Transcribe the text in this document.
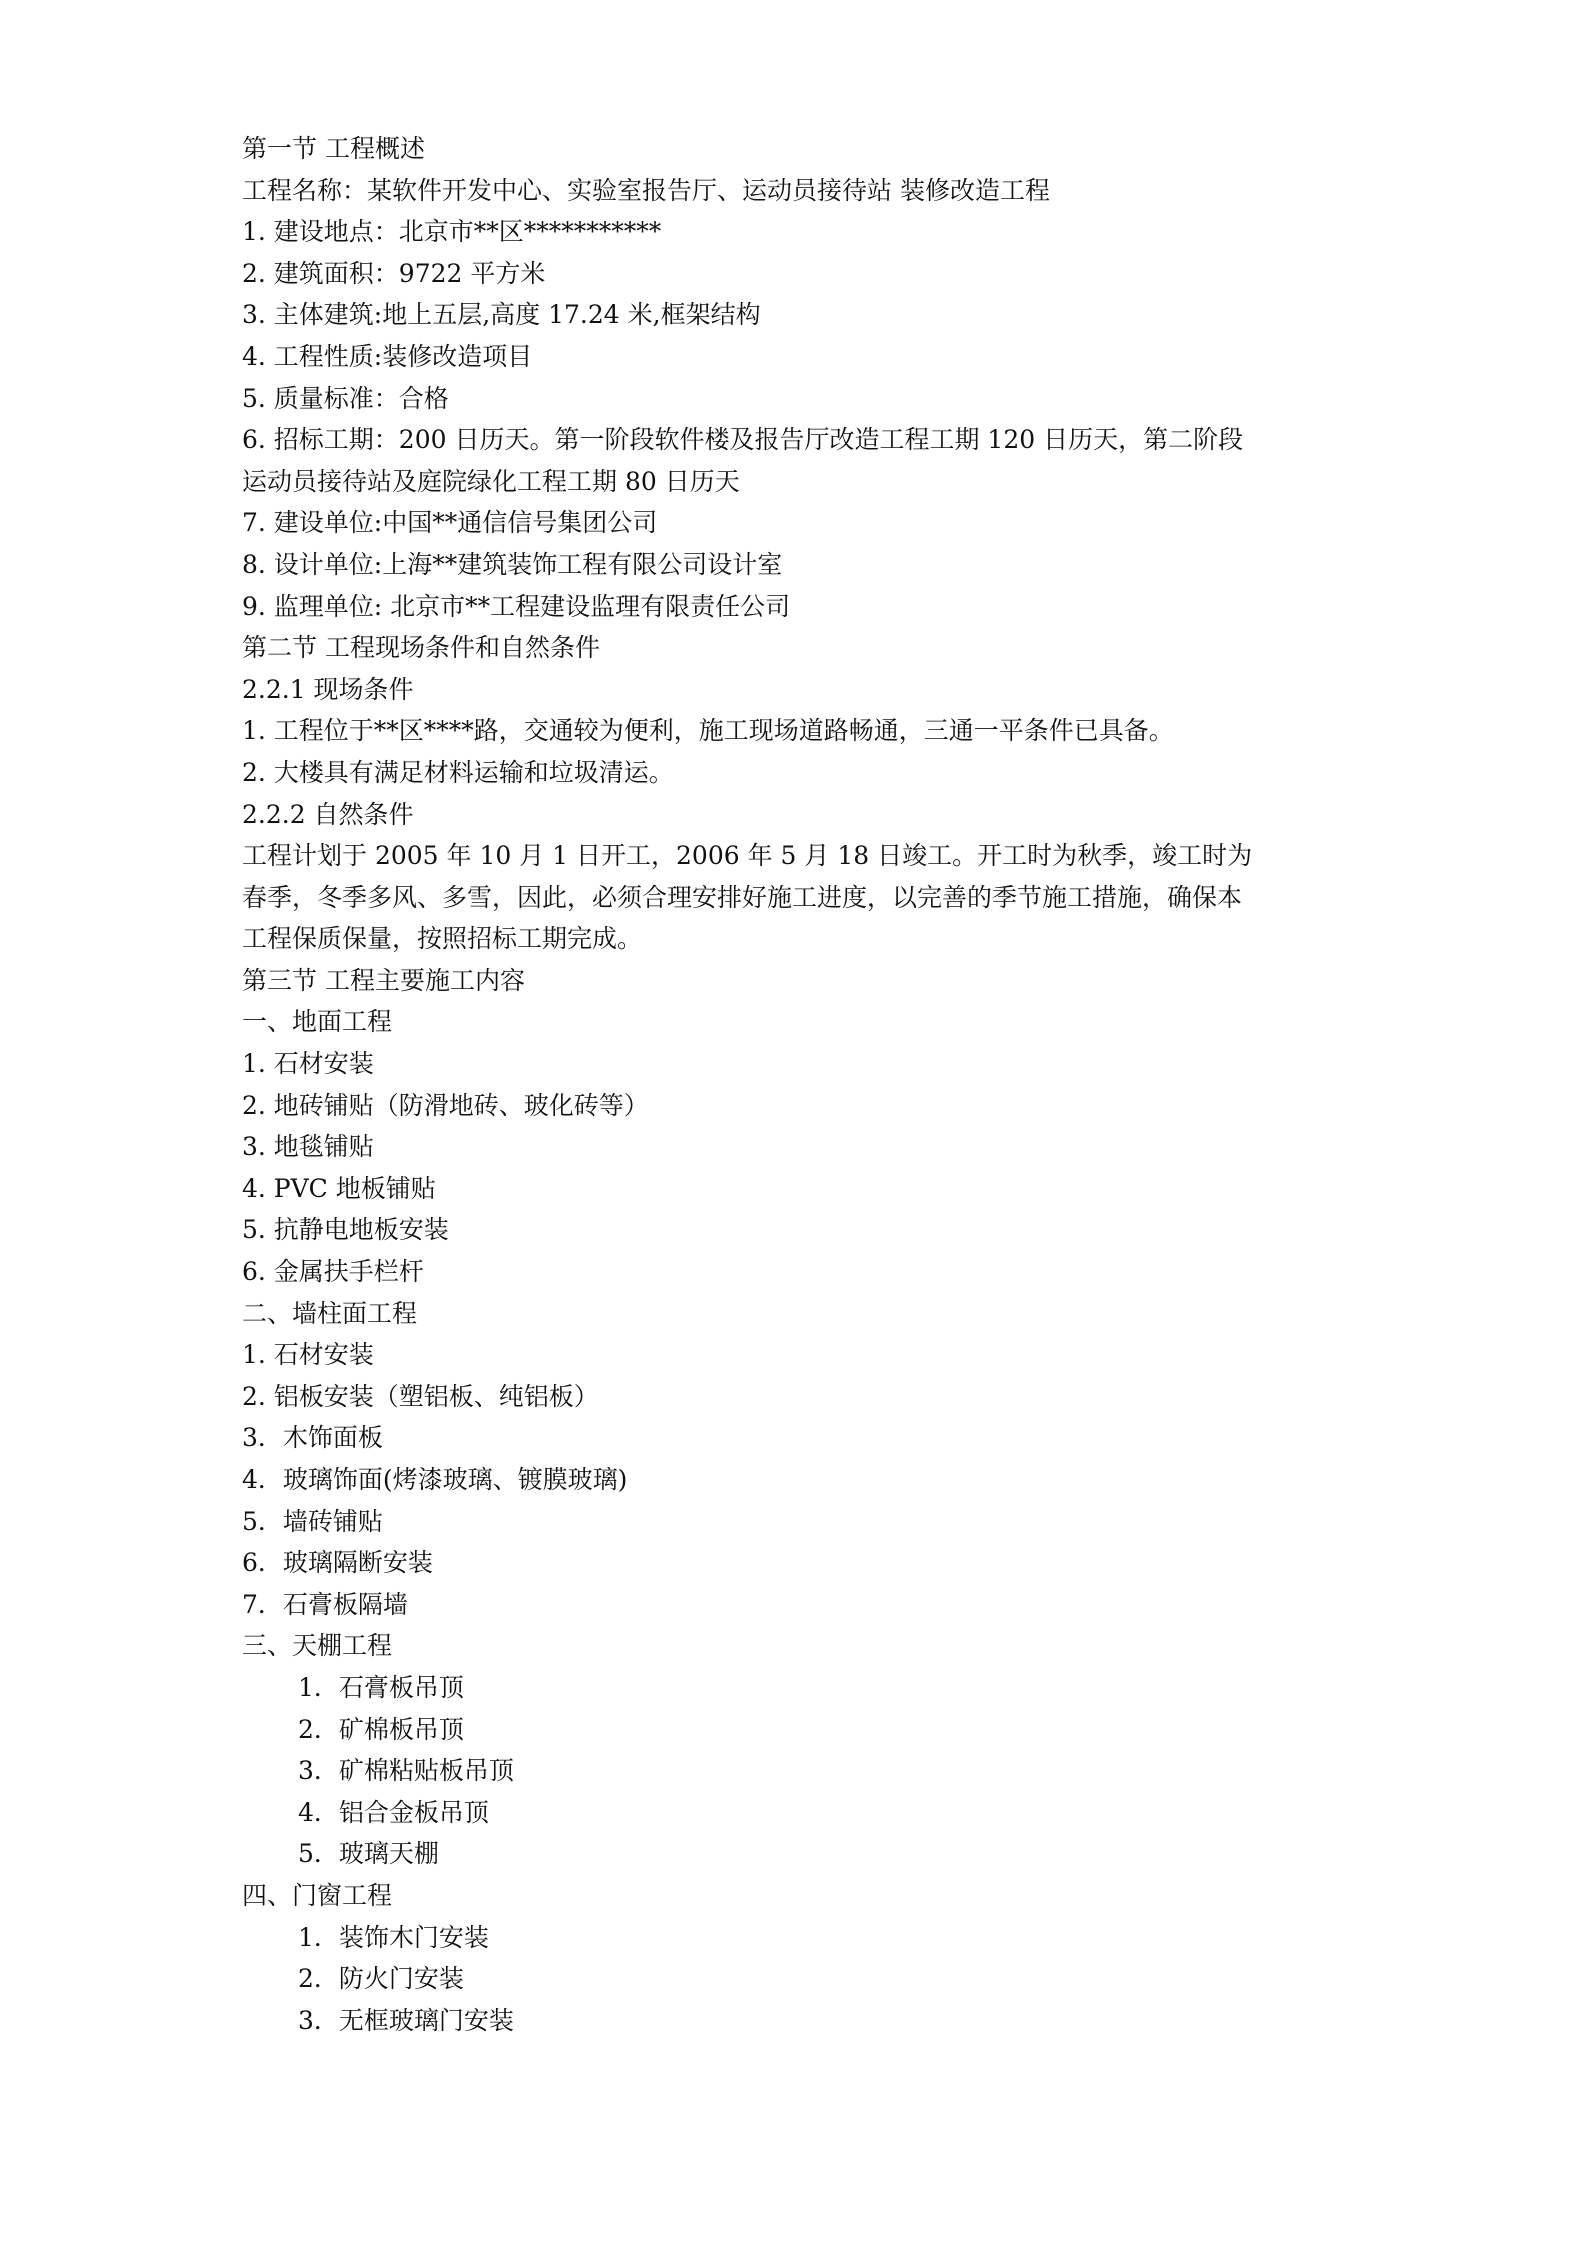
第一节 工程概述
工程名称：某软件开发中心、实验室报告厅、运动员接待站 装修改造工程
1. 建设地点：北京市**区***********
2. 建筑面积：9722 平方米
3. 主体建筑:地上五层,高度 17.24 米,框架结构
4. 工程性质:装修改造项目
5. 质量标准：合格
6. 招标工期：200 日历天。第一阶段软件楼及报告厅改造工程工期 120 日历天，第二阶段
运动员接待站及庭院绿化工程工期 80 日历天
7. 建设单位:中国**通信信号集团公司
8. 设计单位:上海**建筑装饰工程有限公司设计室
9. 监理单位: 北京市**工程建设监理有限责任公司
第二节 工程现场条件和自然条件
2.2.1 现场条件
1. 工程位于**区****路，交通较为便利，施工现场道路畅通，三通一平条件已具备。
2. 大楼具有满足材料运输和垃圾清运。
2.2.2 自然条件
工程计划于 2005 年 10 月 1 日开工，2006 年 5 月 18 日竣工。开工时为秋季，竣工时为
春季，冬季多风、多雪，因此，必须合理安排好施工进度，以完善的季节施工措施，确保本
工程保质保量，按照招标工期完成。
第三节 工程主要施工内容
一、地面工程
1. 石材安装
2. 地砖铺贴（防滑地砖、玻化砖等）
3. 地毯铺贴
4. PVC 地板铺贴
5. 抗静电地板安装
6. 金属扶手栏杆
二、墙柱面工程
1. 石材安装
2. 铝板安装（塑铝板、纯铝板）
3．木饰面板
4．玻璃饰面(烤漆玻璃、镀膜玻璃)
5．墙砖铺贴
6．玻璃隔断安装
7．石膏板隔墙
三、天棚工程
1．石膏板吊顶
2．矿棉板吊顶
3．矿棉粘贴板吊顶
4．铝合金板吊顶
5．玻璃天棚
四、门窗工程
1．装饰木门安装
2．防火门安装
3．无框玻璃门安装
